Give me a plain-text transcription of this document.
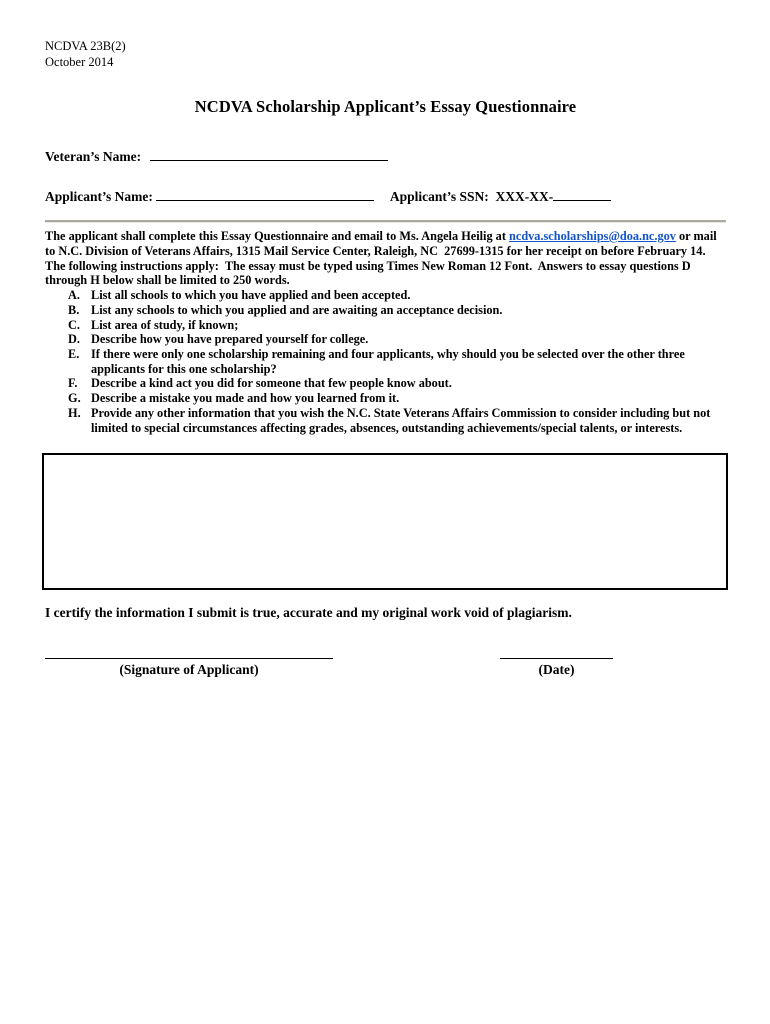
NCDVA 23B(2)
October 2014
NCDVA Scholarship Applicant’s Essay Questionnaire
Veteran’s Name:
Applicant’s Name:	Applicant’s SSN:  XXX-XX-
The applicant shall complete this Essay Questionnaire and email to Ms. Angela Heilig at ncdva.scholarships@doa.nc.gov or mail to N.C. Division of Veterans Affairs, 1315 Mail Service Center, Raleigh, NC  27699-1315 for her receipt on before February 14.  The following instructions apply:  The essay must be typed using Times New Roman 12 Font.  Answers to essay questions D through H below shall be limited to 250 words.
A. List all schools to which you have applied and been accepted.
B. List any schools to which you applied and are awaiting an acceptance decision.
C. List area of study, if known;
D. Describe how you have prepared yourself for college.
E. If there were only one scholarship remaining and four applicants, why should you be selected over the other three applicants for this one scholarship?
F.	Describe a kind act you did for someone that few people know about.
G. Describe a mistake you made and how you learned from it.
H. Provide any other information that you wish the N.C. State Veterans Affairs Commission to consider including but not limited to special circumstances affecting grades, absences, outstanding achievements/special talents, or interests.
I certify the information I submit is true, accurate and my original work void of plagiarism.
(Signature of Applicant)	(Date)
